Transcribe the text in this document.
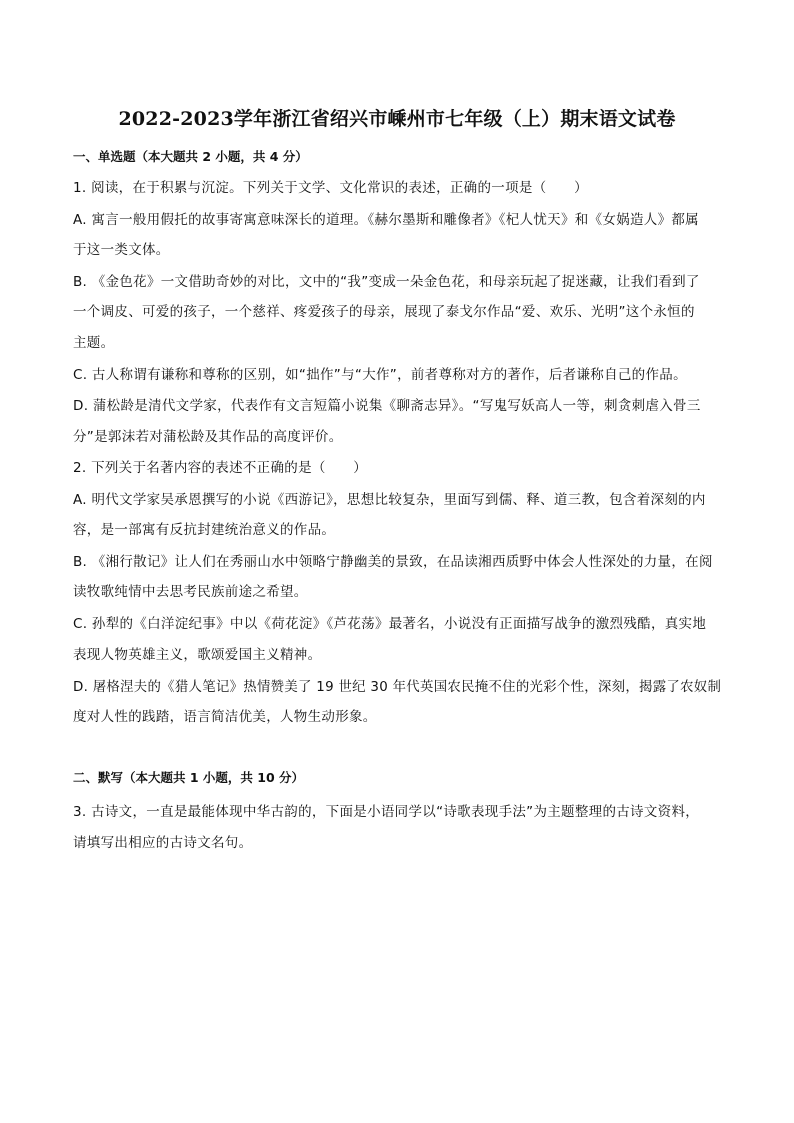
2022-2023学年浙江省绍兴市嵊州市七年级（上）期末语文试卷
一、单选题（本大题共 2 小题，共 4 分）
1. 阅读，在于积累与沉淀。下列关于文学、文化常识的表述，正确的一项是（　　）
A. 寓言一般用假托的故事寄寓意味深长的道理。《赫尔墨斯和雕像者》《杞人忧天》和《女娲造人》都属
于这一类文体。
B. 《金色花》一文借助奇妙的对比，文中的“我”变成一朵金色花，和母亲玩起了捉迷藏，让我们看到了
一个调皮、可爱的孩子，一个慈祥、疼爱孩子的母亲，展现了泰戈尔作品“爱、欢乐、光明”这个永恒的
主题。
C. 古人称谓有谦称和尊称的区别，如“拙作”与“大作”，前者尊称对方的著作，后者谦称自己的作品。
D. 蒲松龄是清代文学家，代表作有文言短篇小说集《聊斋志异》。“写鬼写妖高人一等，刺贪刺虐入骨三
分”是郭沫若对蒲松龄及其作品的高度评价。
2. 下列关于名著内容的表述不正确的是（　　）
A. 明代文学家吴承恩撰写的小说《西游记》，思想比较复杂，里面写到儒、释、道三教，包含着深刻的内
容，是一部寓有反抗封建统治意义的作品。
B. 《湘行散记》让人们在秀丽山水中领略宁静幽美的景致，在品读湘西质野中体会人性深处的力量，在阅
读牧歌纯情中去思考民族前途之希望。
C. 孙犁的《白洋淀纪事》中以《荷花淀》《芦花荡》最著名，小说没有正面描写战争的激烈残酷，真实地
表现人物英雄主义，歌颂爱国主义精神。
D. 屠格涅夫的《猎人笔记》热情赞美了 19 世纪 30 年代英国农民掩不住的光彩个性，深刻，揭露了农奴制
度对人性的践踏，语言简洁优美，人物生动形象。
二、默写（本大题共 1 小题，共 10 分）
3. 古诗文，一直是最能体现中华古韵的，下面是小语同学以“诗歌表现手法”为主题整理的古诗文资料，
请填写出相应的古诗文名句。
